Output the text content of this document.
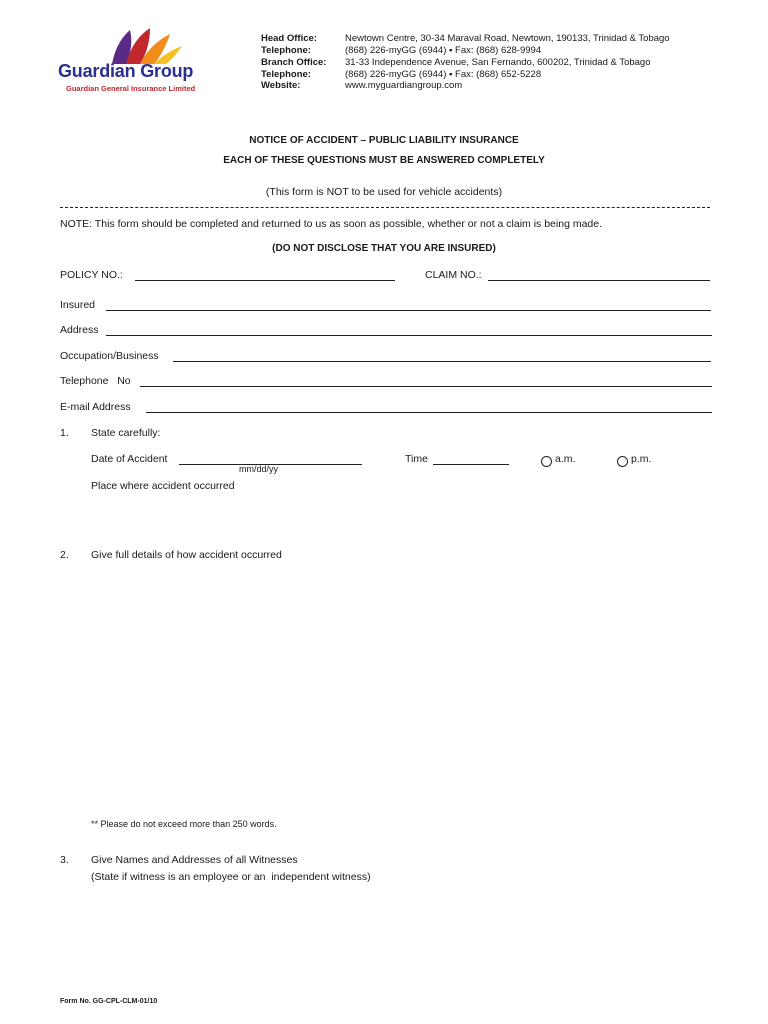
Guardian Group
Guardian General Insurance Limited
Head Office:	Newtown Centre, 30-34 Maraval Road, Newtown, 190133, Trinidad & Tobago
Telephone:	(868) 226-myGG (6944) ▪ Fax: (868) 628-9994
Branch Office: 31-33 Independence Avenue, San Fernando, 600202, Trinidad & Tobago
Telephone:	(868) 226-myGG (6944) ▪ Fax: (868) 652-5228
Website:	www.myguardiangroup.com
NOTICE OF ACCIDENT – PUBLIC LIABILITY INSURANCE
EACH OF THESE QUESTIONS MUST BE ANSWERED COMPLETELY
(This form is NOT to be used for vehicle accidents)
NOTE: This form should be completed and returned to us as soon as possible, whether or not a claim is being made.
(DO NOT DISCLOSE THAT YOU ARE INSURED)
POLICY NO.:	CLAIM NO.:
Insured
Address
Occupation/Business
Telephone   No
E-mail Address
1. State carefully:
Date of Accident
mm/dd/yy
Time	a.m.	p.m.
Place where accident occurred
2. Give full details of how accident occurred
** Please do not exceed more than 250 words.
3. Give Names and Addresses of all Witnesses
(State if witness is an employee or an  independent witness)
Form No. GG-CPL-CLM-01/10
